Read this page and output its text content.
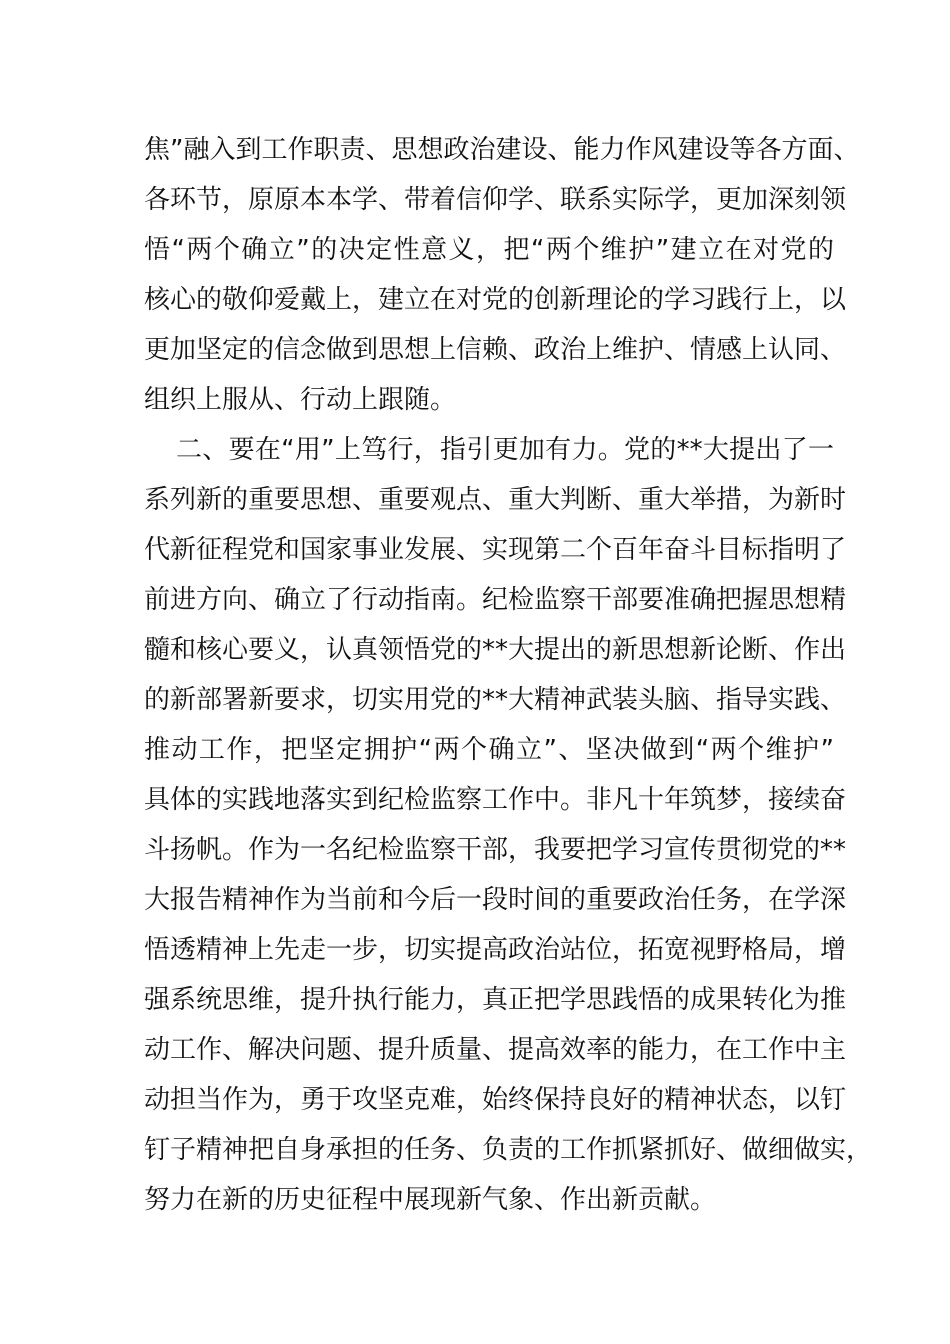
焦”融入到工作职责、思想政治建设、能力作风建设等各方面、
各环节，原原本本学、带着信仰学、联系实际学，更加深刻领
悟“两个确立”的决定性意义，把“两个维护”建立在对党的
核心的敬仰爱戴上，建立在对党的创新理论的学习践行上，以
更加坚定的信念做到思想上信赖、政治上维护、情感上认同、
组织上服从、行动上跟随。
二、要在“用”上笃行，指引更加有力。党的**大提出了一
系列新的重要思想、重要观点、重大判断、重大举措，为新时
代新征程党和国家事业发展、实现第二个百年奋斗目标指明了
前进方向、确立了行动指南。纪检监察干部要准确把握思想精
髓和核心要义，认真领悟党的**大提出的新思想新论断、作出
的新部署新要求，切实用党的**大精神武装头脑、指导实践、
推动工作，把坚定拥护“两个确立”、坚决做到“两个维护”
具体的实践地落实到纪检监察工作中。非凡十年筑梦，接续奋
斗扬帆。作为一名纪检监察干部，我要把学习宣传贯彻党的**
大报告精神作为当前和今后一段时间的重要政治任务，在学深
悟透精神上先走一步，切实提高政治站位，拓宽视野格局，增
强系统思维，提升执行能力，真正把学思践悟的成果转化为推
动工作、解决问题、提升质量、提高效率的能力，在工作中主
动担当作为，勇于攻坚克难，始终保持良好的精神状态，以钉
钉子精神把自身承担的任务、负责的工作抓紧抓好、做细做实，
努力在新的历史征程中展现新气象、作出新贡献。
